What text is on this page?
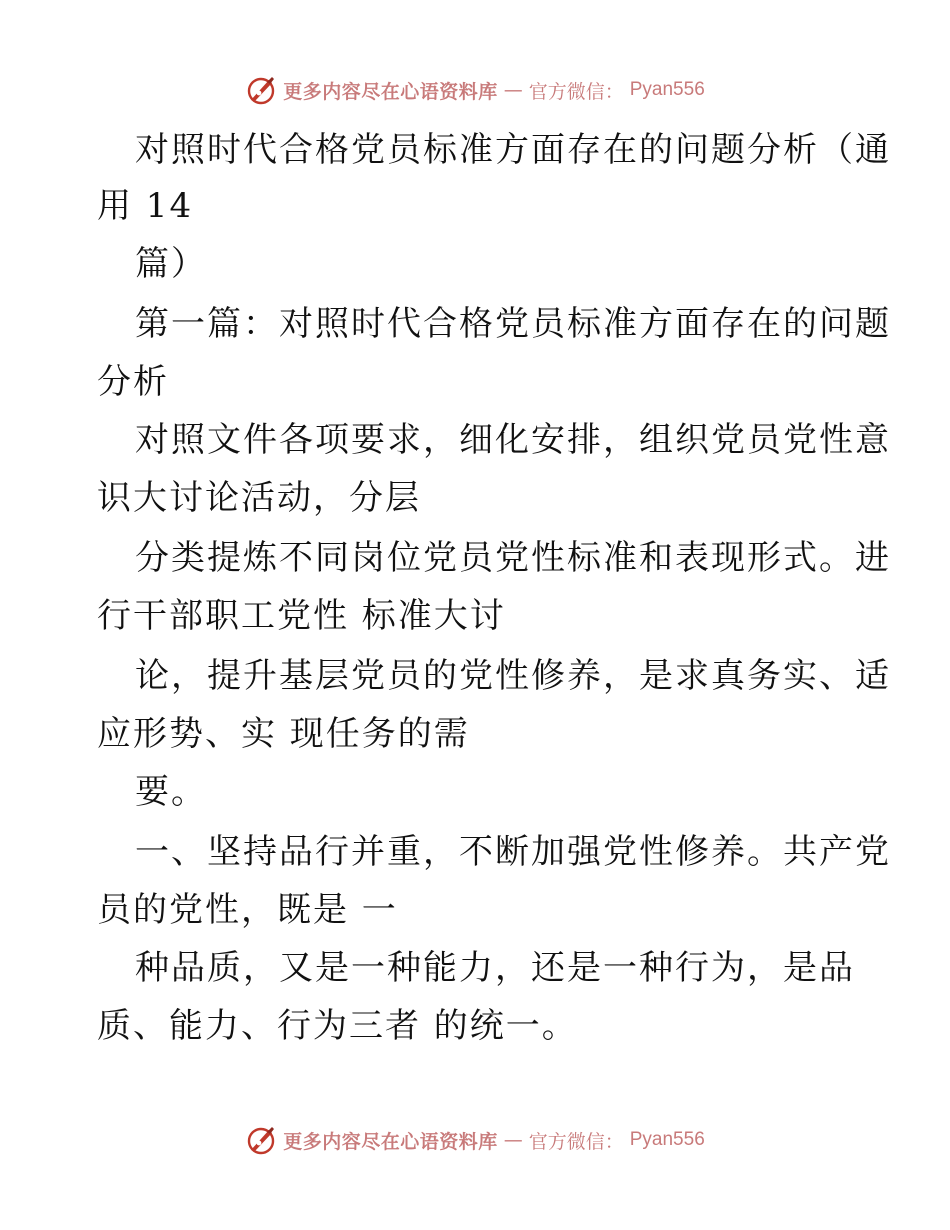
更多内容尽在心语资料库 — 官方微信： Pyan556
对照时代合格党员标准方面存在的问题分析（通
用 14
篇）
第一篇：对照时代合格党员标准方面存在的问题
分析
对照文件各项要求，细化安排，组织党员党性意
识大讨论活动，分层
分类提炼不同岗位党员党性标准和表现形式。进
行干部职工党性 标准大讨
论，提升基层党员的党性修养，是求真务实、适
应形势、实 现任务的需
要。
一、坚持品行并重，不断加强党性修养。共产党
员的党性，既是 一
种品质，又是一种能力，还是一种行为，是品
质、能力、行为三者 的统一。
更多内容尽在心语资料库 — 官方微信： Pyan556
